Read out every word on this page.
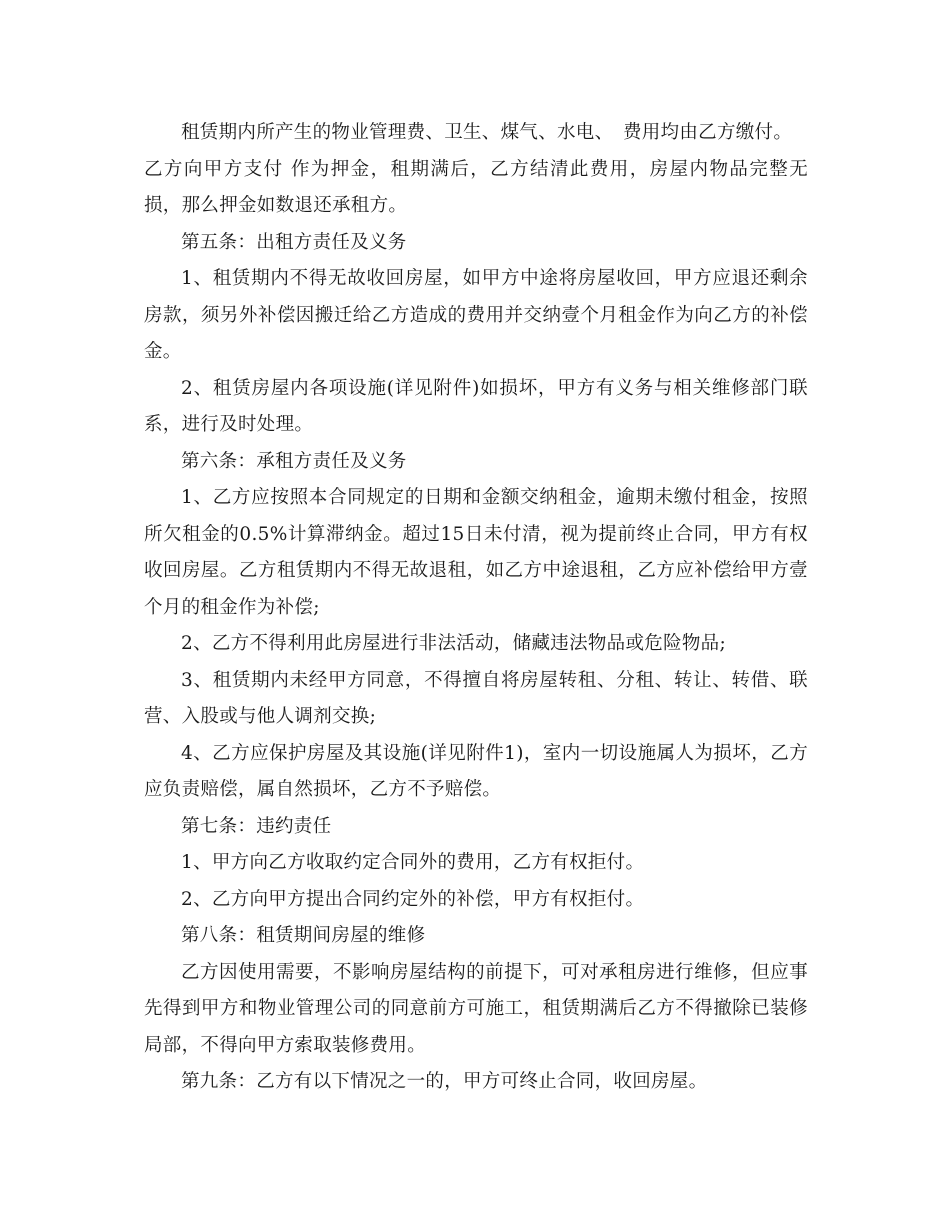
租赁期内所产生的物业管理费、卫生、煤气、水电、　费用均由乙方缴付。

乙方向甲方支付 作为押金，租期满后，乙方结清此费用，房屋内物品完整无损，那么押金如数退还承租方。

第五条：出租方责任及义务

1、租赁期内不得无故收回房屋，如甲方中途将房屋收回，甲方应退还剩余房款，须另外补偿因搬迁给乙方造成的费用并交纳壹个月租金作为向乙方的补偿金。

2、租赁房屋内各项设施(详见附件)如损坏，甲方有义务与相关维修部门联系，进行及时处理。

第六条：承租方责任及义务

1、乙方应按照本合同规定的日期和金额交纳租金，逾期未缴付租金，按照所欠租金的0.5%计算滞纳金。超过15日未付清，视为提前终止合同，甲方有权收回房屋。乙方租赁期内不得无故退租，如乙方中途退租，乙方应补偿给甲方壹个月的租金作为补偿;

2、乙方不得利用此房屋进行非法活动，储藏违法物品或危险物品;

3、租赁期内未经甲方同意，不得擅自将房屋转租、分租、转让、转借、联营、入股或与他人调剂交换;

4、乙方应保护房屋及其设施(详见附件1)，室内一切设施属人为损坏，乙方应负责赔偿，属自然损坏，乙方不予赔偿。

第七条：违约责任

1、甲方向乙方收取约定合同外的费用，乙方有权拒付。

2、乙方向甲方提出合同约定外的补偿，甲方有权拒付。

第八条：租赁期间房屋的维修

乙方因使用需要，不影响房屋结构的前提下，可对承租房进行维修，但应事先得到甲方和物业管理公司的同意前方可施工，租赁期满后乙方不得撤除已装修局部，不得向甲方索取装修费用。

第九条：乙方有以下情况之一的，甲方可终止合同，收回房屋。
